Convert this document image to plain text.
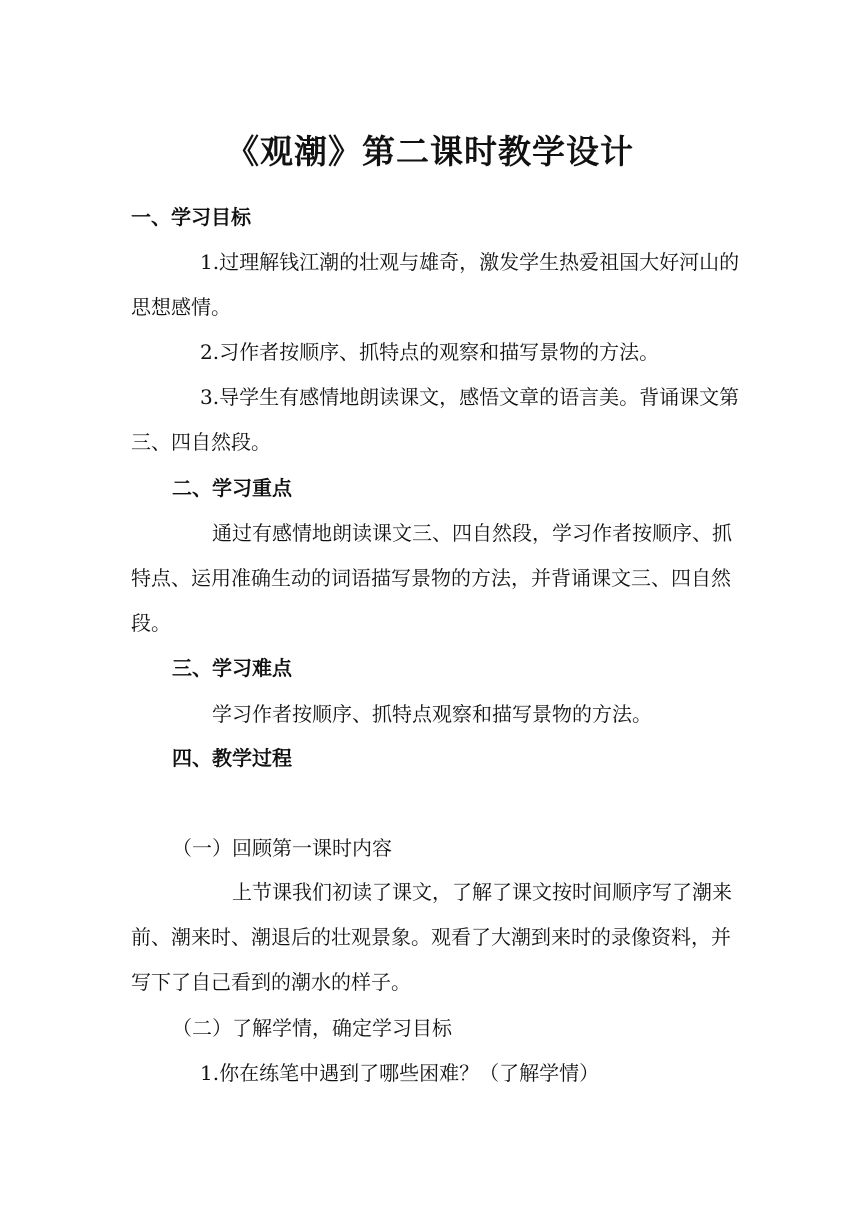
《观潮》第二课时教学设计
一、学习目标
1.过理解钱江潮的壮观与雄奇，激发学生热爱祖国大好河山的
思想感情。
2.习作者按顺序、抓特点的观察和描写景物的方法。
3.导学生有感情地朗读课文，感悟文章的语言美。背诵课文第
三、四自然段。
二、学习重点
通过有感情地朗读课文三、四自然段，学习作者按顺序、抓
特点、运用准确生动的词语描写景物的方法，并背诵课文三、四自然
段。
三、学习难点
学习作者按顺序、抓特点观察和描写景物的方法。
四、教学过程
（一）回顾第一课时内容
上节课我们初读了课文，了解了课文按时间顺序写了潮来
前、潮来时、潮退后的壮观景象。观看了大潮到来时的录像资料，并
写下了自己看到的潮水的样子。
（二）了解学情，确定学习目标
1.你在练笔中遇到了哪些困难？（了解学情）
